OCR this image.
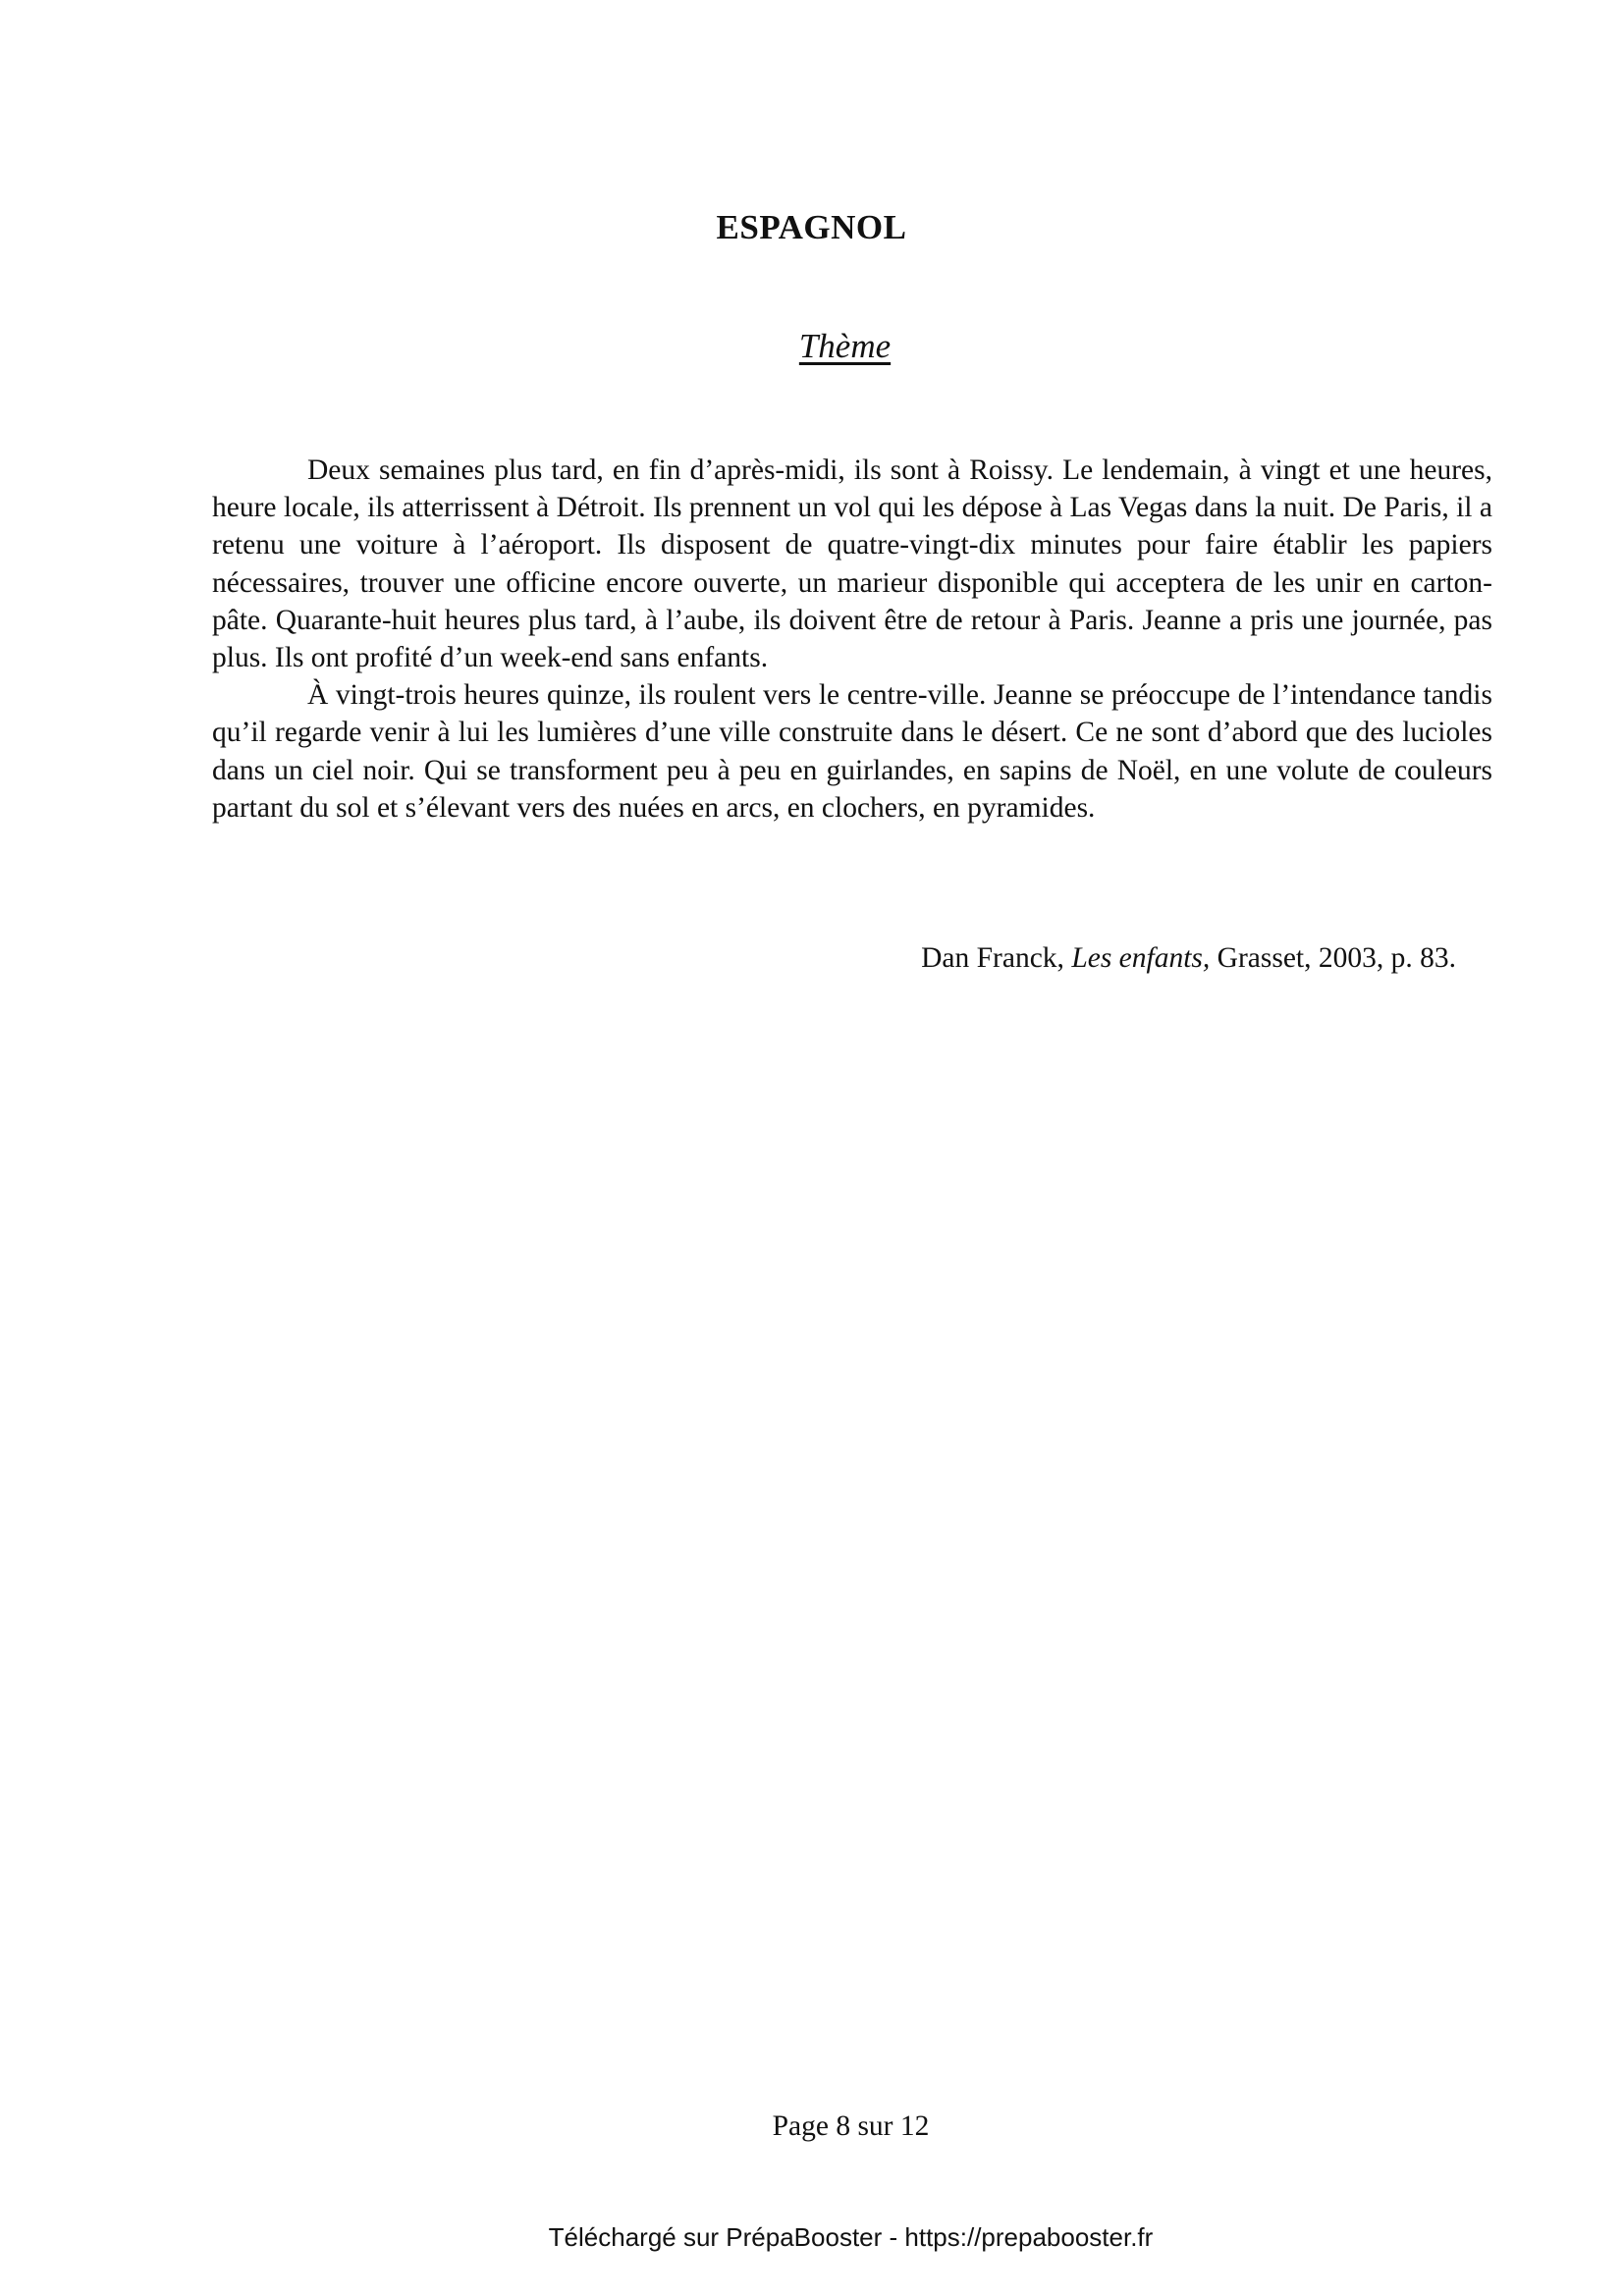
ESPAGNOL
Thème

Deux semaines plus tard, en fin d’après-midi, ils sont à Roissy. Le lendemain, à vingt et une heures, heure locale, ils atterrissent à Détroit. Ils prennent un vol qui les dépose à Las Vegas dans la nuit. De Paris, il a retenu une voiture à l’aéroport. Ils disposent de quatre-vingt-dix minutes pour faire établir les papiers nécessaires, trouver une officine encore ouverte, un marieur disponible qui acceptera de les unir en carton-pâte. Quarante-huit heures plus tard, à l’aube, ils doivent être de retour à Paris. Jeanne a pris une journée, pas plus. Ils ont profité d’un week-end sans enfants.

À vingt-trois heures quinze, ils roulent vers le centre-ville. Jeanne se préoccupe de l’intendance tandis qu’il regarde venir à lui les lumières d’une ville construite dans le désert. Ce ne sont d’abord que des lucioles dans un ciel noir. Qui se transforment peu à peu en guirlandes, en sapins de Noël, en une volute de couleurs partant du sol et s’élevant vers des nuées en arcs, en clochers, en pyramides.

Dan Franck, Les enfants, Grasset, 2003, p. 83.
Page 8 sur 12
Téléchargé sur PrépaBooster - https://prepabooster.fr
